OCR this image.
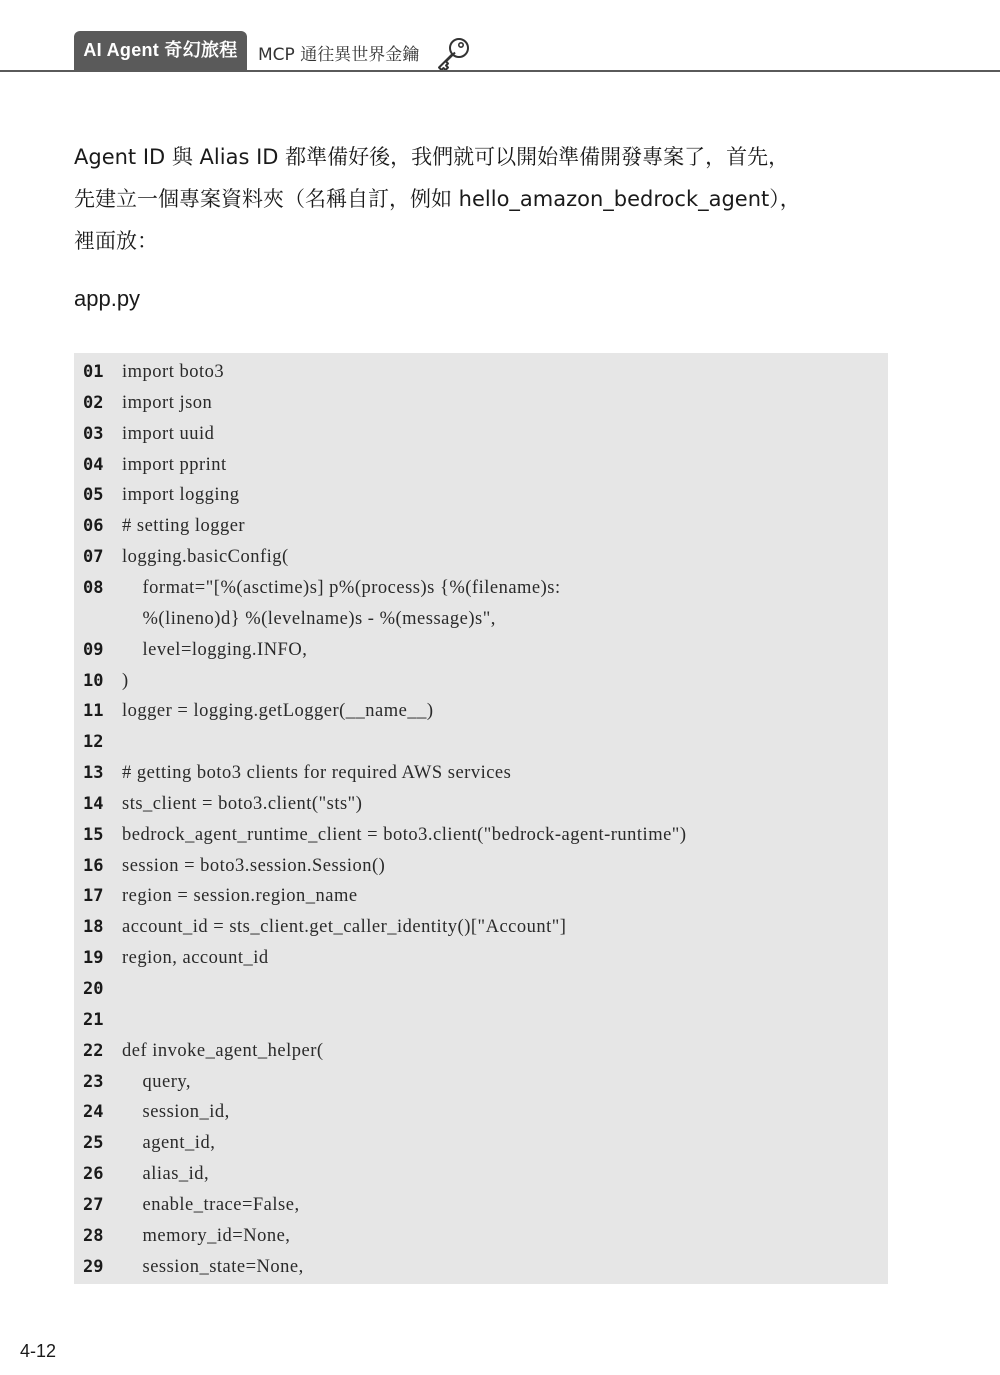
AI Agent 奇幻旅程	MCP 通往異世界金鑰
Agent ID 與 Alias ID 都準備好後，我們就可以開始準備開發專案了，首先，
先建立一個專案資料夾（名稱自訂，例如 hello_amazon_bedrock_agent），
裡面放：
app.py
01	import boto3
02	import json
03	import uuid
04	import pprint
05	import logging
06	# setting logger
07	logging.basicConfig(
08	format="[%(asctime)s] p%(process)s {%(filename)s:
%(lineno)d} %(levelname)s - %(message)s",
09	level=logging.INFO,
10	)
11	logger = logging.getLogger(__name__)
12
13	# getting boto3 clients for required AWS services
14	sts_client = boto3.client("sts")
15	bedrock_agent_runtime_client = boto3.client("bedrock-agent-runtime")
16	session = boto3.session.Session()
17	region = session.region_name
18	account_id = sts_client.get_caller_identity()["Account"]
19	region, account_id
20
21
22	def invoke_agent_helper(
23	query,
24	session_id,
25	agent_id,
26	alias_id,
27	enable_trace=False,
28	memory_id=None,
29	session_state=None,
4-12
